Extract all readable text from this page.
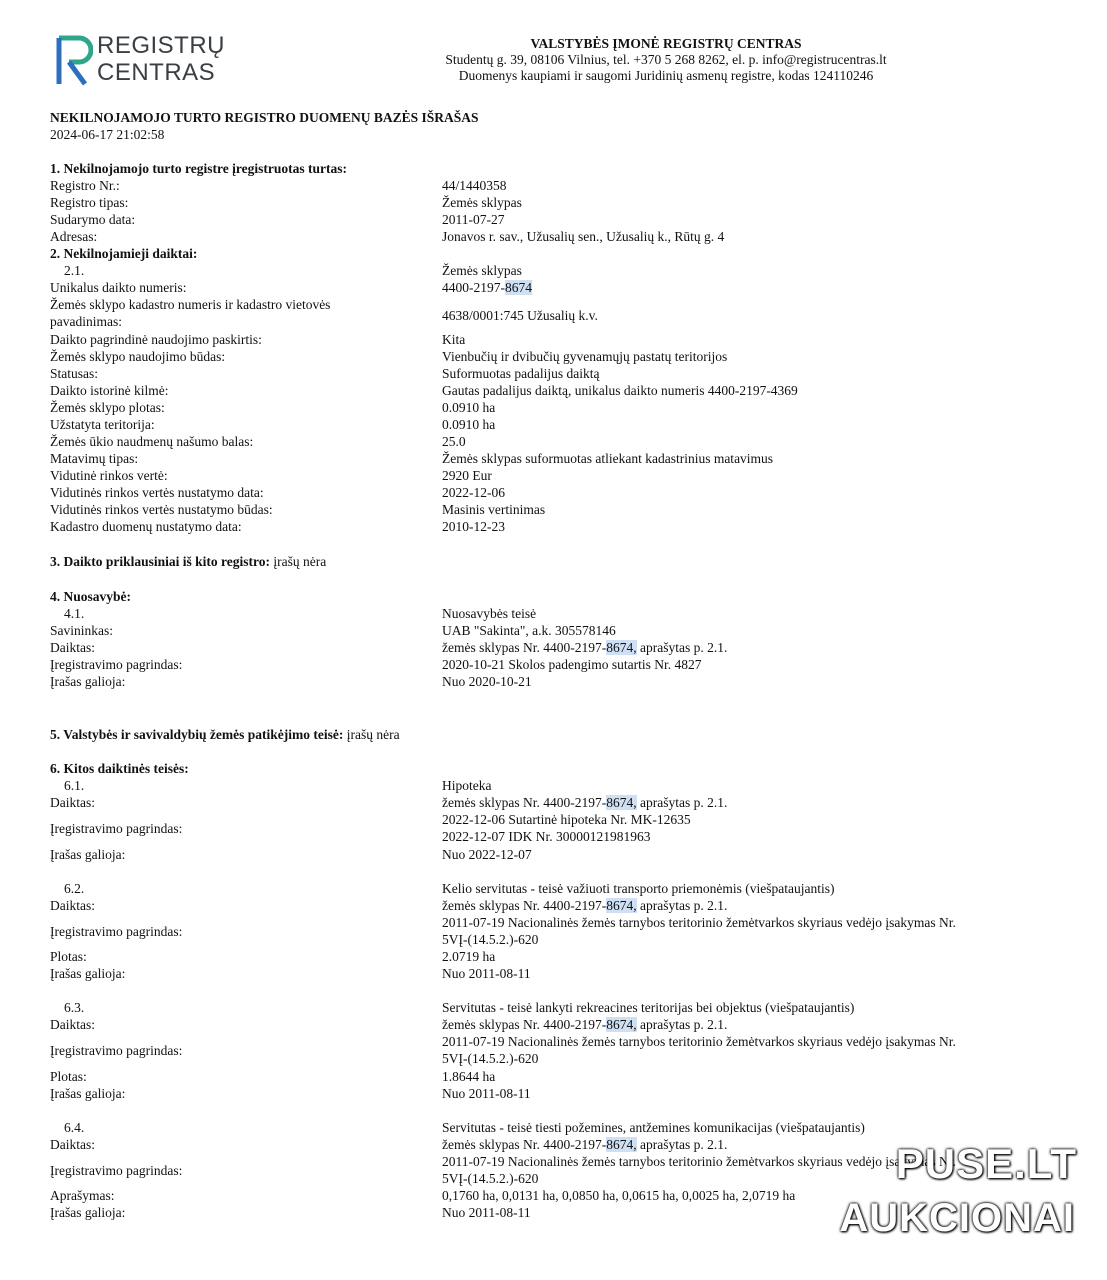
REGISTRŲ
CENTRAS
VALSTYBĖS ĮMONĖ REGISTRŲ CENTRAS
Studentų g. 39, 08106 Vilnius, tel. +370 5 268 8262, el. p. info@registrucentras.lt
Duomenys kaupiami ir saugomi Juridinių asmenų registre, kodas 124110246
NEKILNOJAMOJO TURTO REGISTRO DUOMENŲ BAZĖS IŠRAŠAS
2024-06-17 21:02:58
1. Nekilnojamojo turto registre įregistruotas turtas:
Registro Nr.:	44/1440358
Registro tipas:	Žemės sklypas
Sudarymo data:	2011-07-27
Adresas:	Jonavos r. sav., Užusalių sen., Užusalių k., Rūtų g. 4
2. Nekilnojamieji daiktai:
2.1.	Žemės sklypas
Unikalus daikto numeris:	4400-2197-8674
Žemės sklypo kadastro numeris ir kadastro vietovės
pavadinimas:	4638/0001:745 Užusalių k.v.
Daikto pagrindinė naudojimo paskirtis:	Kita
Žemės sklypo naudojimo būdas:	Vienbučių ir dvibučių gyvenamųjų pastatų teritorijos
Statusas:	Suformuotas padalijus daiktą
Daikto istorinė kilmė:	Gautas padalijus daiktą, unikalus daikto numeris 4400-2197-4369
Žemės sklypo plotas:	0.0910 ha
Užstatyta teritorija:	0.0910 ha
Žemės ūkio naudmenų našumo balas:	25.0
Matavimų tipas:	Žemės sklypas suformuotas atliekant kadastrinius matavimus
Vidutinė rinkos vertė:	2920 Eur
Vidutinės rinkos vertės nustatymo data:	2022-12-06
Vidutinės rinkos vertės nustatymo būdas:	Masinis vertinimas
Kadastro duomenų nustatymo data:	2010-12-23
3. Daikto priklausiniai iš kito registro: įrašų nėra
4. Nuosavybė:
4.1.	Nuosavybės teisė
Savininkas:	UAB "Sakinta", a.k. 305578146
Daiktas:	žemės sklypas Nr. 4400-2197-8674, aprašytas p. 2.1.
Įregistravimo pagrindas:	2020-10-21 Skolos padengimo sutartis Nr. 4827
Įrašas galioja:	Nuo 2020-10-21
5. Valstybės ir savivaldybių žemės patikėjimo teisė: įrašų nėra
6. Kitos daiktinės teisės:
6.1.	Hipoteka
Daiktas:	žemės sklypas Nr. 4400-2197-8674, aprašytas p. 2.1.
Įregistravimo pagrindas:
2022-12-06 Sutartinė hipoteka Nr. MK-12635
2022-12-07 IDK Nr. 30000121981963
Įrašas galioja:	Nuo 2022-12-07
6.2.	Kelio servitutas - teisė važiuoti transporto priemonėmis (viešpataujantis)
Daiktas:	žemės sklypas Nr. 4400-2197-8674, aprašytas p. 2.1.
Įregistravimo pagrindas:
2011-07-19 Nacionalinės žemės tarnybos teritorinio žemėtvarkos skyriaus vedėjo įsakymas Nr.
5VĮ-(14.5.2.)-620
Plotas:	2.0719 ha
Įrašas galioja:	Nuo 2011-08-11
6.3.	Servitutas - teisė lankyti rekreacines teritorijas bei objektus (viešpataujantis)
Daiktas:	žemės sklypas Nr. 4400-2197-8674, aprašytas p. 2.1.
Įregistravimo pagrindas:
2011-07-19 Nacionalinės žemės tarnybos teritorinio žemėtvarkos skyriaus vedėjo įsakymas Nr.
5VĮ-(14.5.2.)-620
Plotas:	1.8644 ha
Įrašas galioja:	Nuo 2011-08-11
6.4.	Servitutas - teisė tiesti požemines, antžemines komunikacijas (viešpataujantis)
Daiktas:	žemės sklypas Nr. 4400-2197-8674, aprašytas p. 2.1.
Įregistravimo pagrindas:
2011-07-19 Nacionalinės žemės tarnybos teritorinio žemėtvarkos skyriaus vedėjo įsakymas Nr.
5VĮ-(14.5.2.)-620
Aprašymas:	0,1760 ha, 0,0131 ha, 0,0850 ha, 0,0615 ha, 0,0025 ha, 2,0719 ha
Įrašas galioja:	Nuo 2011-08-11
PUSE.LT
AUKCIONAI
